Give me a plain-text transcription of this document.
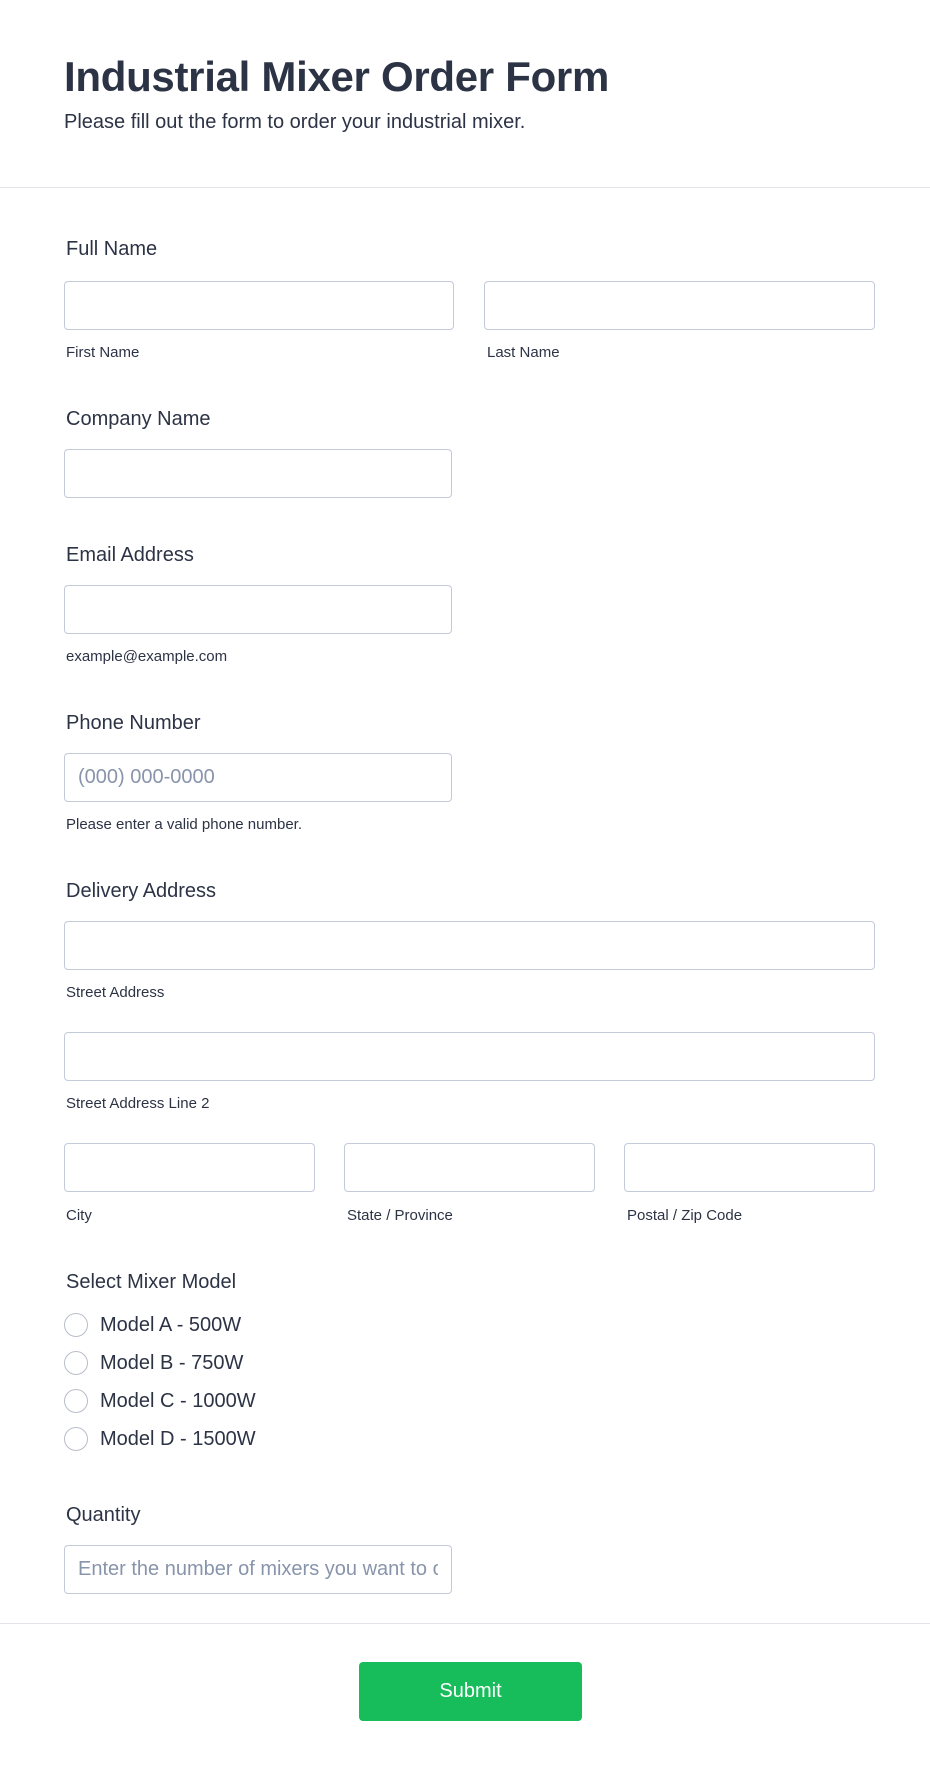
Industrial Mixer Order Form

Please fill out the form to order your industrial mixer.

Full Name
First Name	Last Name
Company Name
Email Address
example@example.com
Phone Number
(000) 000-0000
Please enter a valid phone number.
Delivery Address
Street Address
Street Address Line 2
City	State / Province	Postal / Zip Code
Select Mixer Model
Model A - 500W
Model B - 750W
Model C - 1000W
Model D - 1500W
Quantity
Enter the number of mixers you want to order
Submit
